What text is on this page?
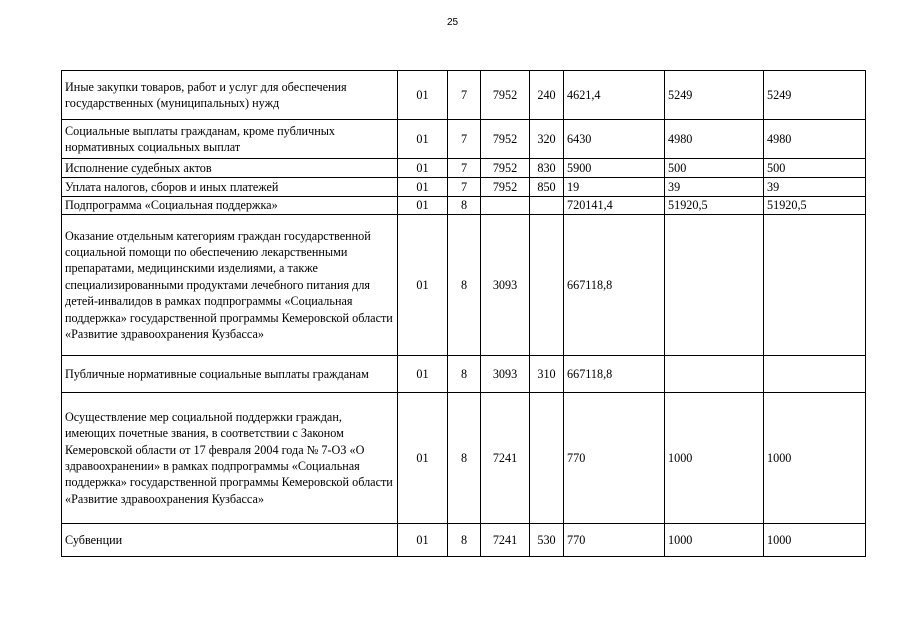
25
Иные закупки товаров, работ и услуг для обеспечения государственных (муниципальных) нужд	01	7	7952	240	4621,4	5249	5249
Социальные выплаты гражданам, кроме публичных нормативных социальных выплат	01	7	7952	320	6430	4980	4980
Исполнение судебных актов	01	7	7952	830	5900	500	500
Уплата налогов, сборов и иных платежей	01	7	7952	850	19	39	39
Подпрограмма «Социальная поддержка»	01	8			720141,4	51920,5	51920,5
Оказание отдельным категориям граждан государственной социальной помощи по обеспечению лекарственными препаратами, медицинскими изделиями, а также специализированными продуктами лечебного питания для детей-инвалидов в рамках подпрограммы «Социальная поддержка» государственной программы Кемеровской области «Развитие здравоохранения Кузбасса»	01	8	3093		667118,8		
Публичные нормативные социальные выплаты гражданам	01	8	3093	310	667118,8		
Осуществление мер социальной поддержки граждан, имеющих почетные звания, в соответствии с Законом Кемеровской области от 17 февраля 2004 года № 7-ОЗ «О здравоохранении» в рамках подпрограммы «Социальная поддержка» государственной программы Кемеровской области «Развитие здравоохранения Кузбасса»	01	8	7241		770	1000	1000
Субвенции	01	8	7241	530	770	1000	1000
